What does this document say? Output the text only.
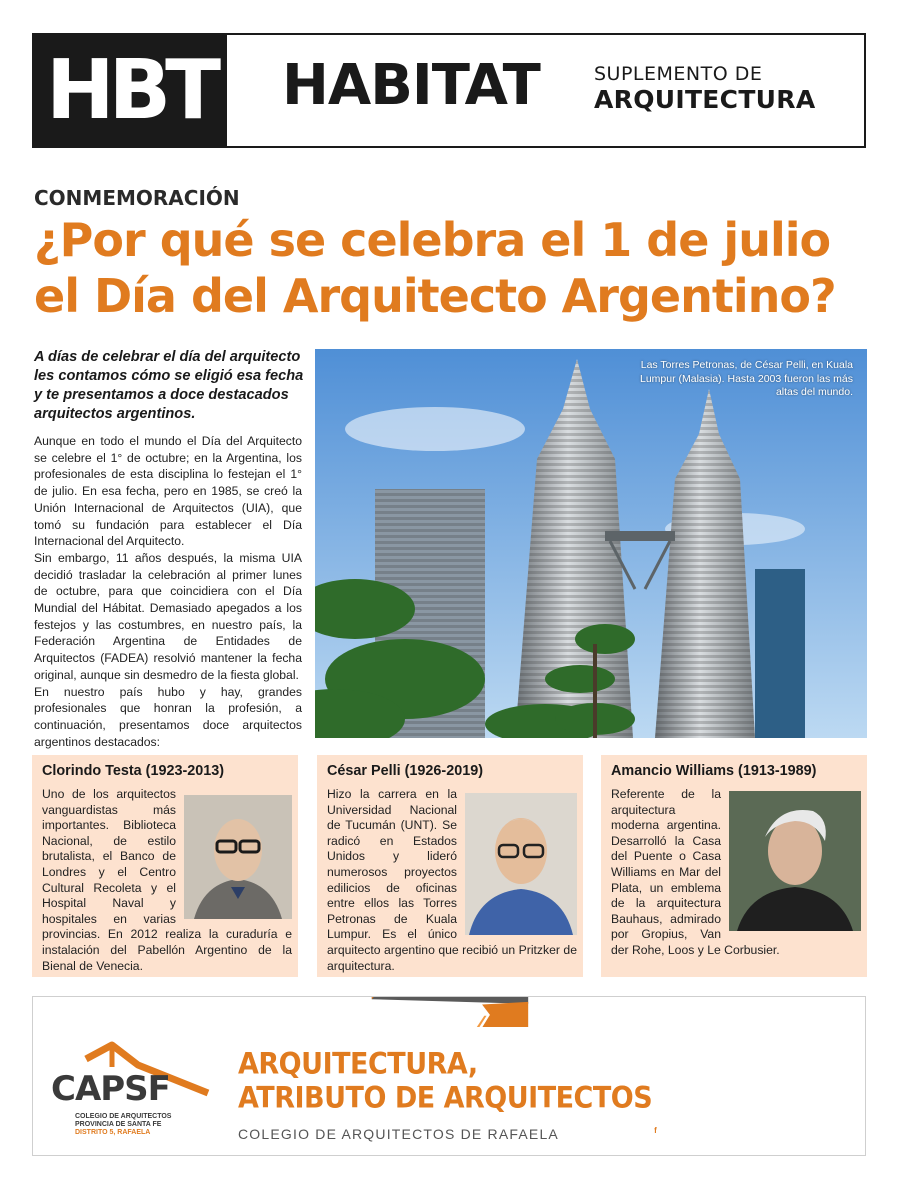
HBT HABITAT	SUPLEMENTO DE
ARQUITECTURA
CONMEMORACIÓN
¿Por qué se celebra el 1 de julio
el Día del Arquitecto Argentino?
A días de celebrar el día del arquitecto les contamos cómo se eligió esa fecha y te presentamos a doce destacados arquitectos argentinos.

Aunque en todo el mundo el Día del Arquitecto se celebre el 1° de octubre; en la Argentina, los profesionales de esta disciplina lo festejan el 1° de julio. En esa fecha, pero en 1985, se creó la Unión Internacional de Arquitectos (UIA), que tomó su fundación para establecer el Día Internacional del Arquitecto.

Sin embargo, 11 años después, la misma UIA decidió trasladar la celebración al primer lunes de octubre, para que coincidiera con el Día Mundial del Hábitat. Demasiado apegados a los festejos y las costumbres, en nuestro país, la Federación Argentina de Entidades de Arquitectos (FADEA) resolvió mantener la fecha original, aunque sin desmedro de la fiesta global.

En nuestro país hubo y hay, grandes profesionales que honran la profesión, a continuación, presentamos doce arquitectos argentinos destacados:

Las Torres Petronas, de César Pelli, en Kuala Lumpur (Malasia). Hasta 2003 fueron las más altas del mundo.
Clorindo Testa (1923-2013)
Uno de los arquitectos vanguardistas más importantes. Biblioteca Nacional, de estilo brutalista, el Banco de Londres y el Centro Cultural Recoleta y el Hospital Naval y hospitales en varias provincias. En 2012 realiza la curaduría e instalación del Pabellón Argentino de la Bienal de Venecia.
César Pelli (1926-2019)
Hizo la carrera en la Universidad Nacional de Tucumán (UNT). Se radicó en Estados Unidos y lideró numerosos proyectos edilicios de oficinas entre ellos las Torres Petronas de Kuala Lumpur. Es el único arquitecto argentino que recibió un Pritzker de arquitectura.
Amancio Williams (1913-1989)
Referente de la arquitectura moderna argentina. Desarrolló la Casa del Puente o Casa Williams en Mar del Plata, un emblema de la arquitectura Bauhaus, admirado por Gropius, Van der Rohe, Loos y Le Corbusier.
CAPSF
COLEGIO DE ARQUITECTOS
PROVINCIA DE SANTA FE
DISTRITO 5, RAFAELA
ARQUITECTURA,
ATRIBUTO DE ARQUITECTOS
COLEGIO DE ARQUITECTOS DE RAFAELA
9 de Julio 235 | Rafaela (Santa Fe)
Tel. (03492) 430840 | www.capsf.org.ar
f Colegio de Arquitectos Distrito 5 - Rafaela
